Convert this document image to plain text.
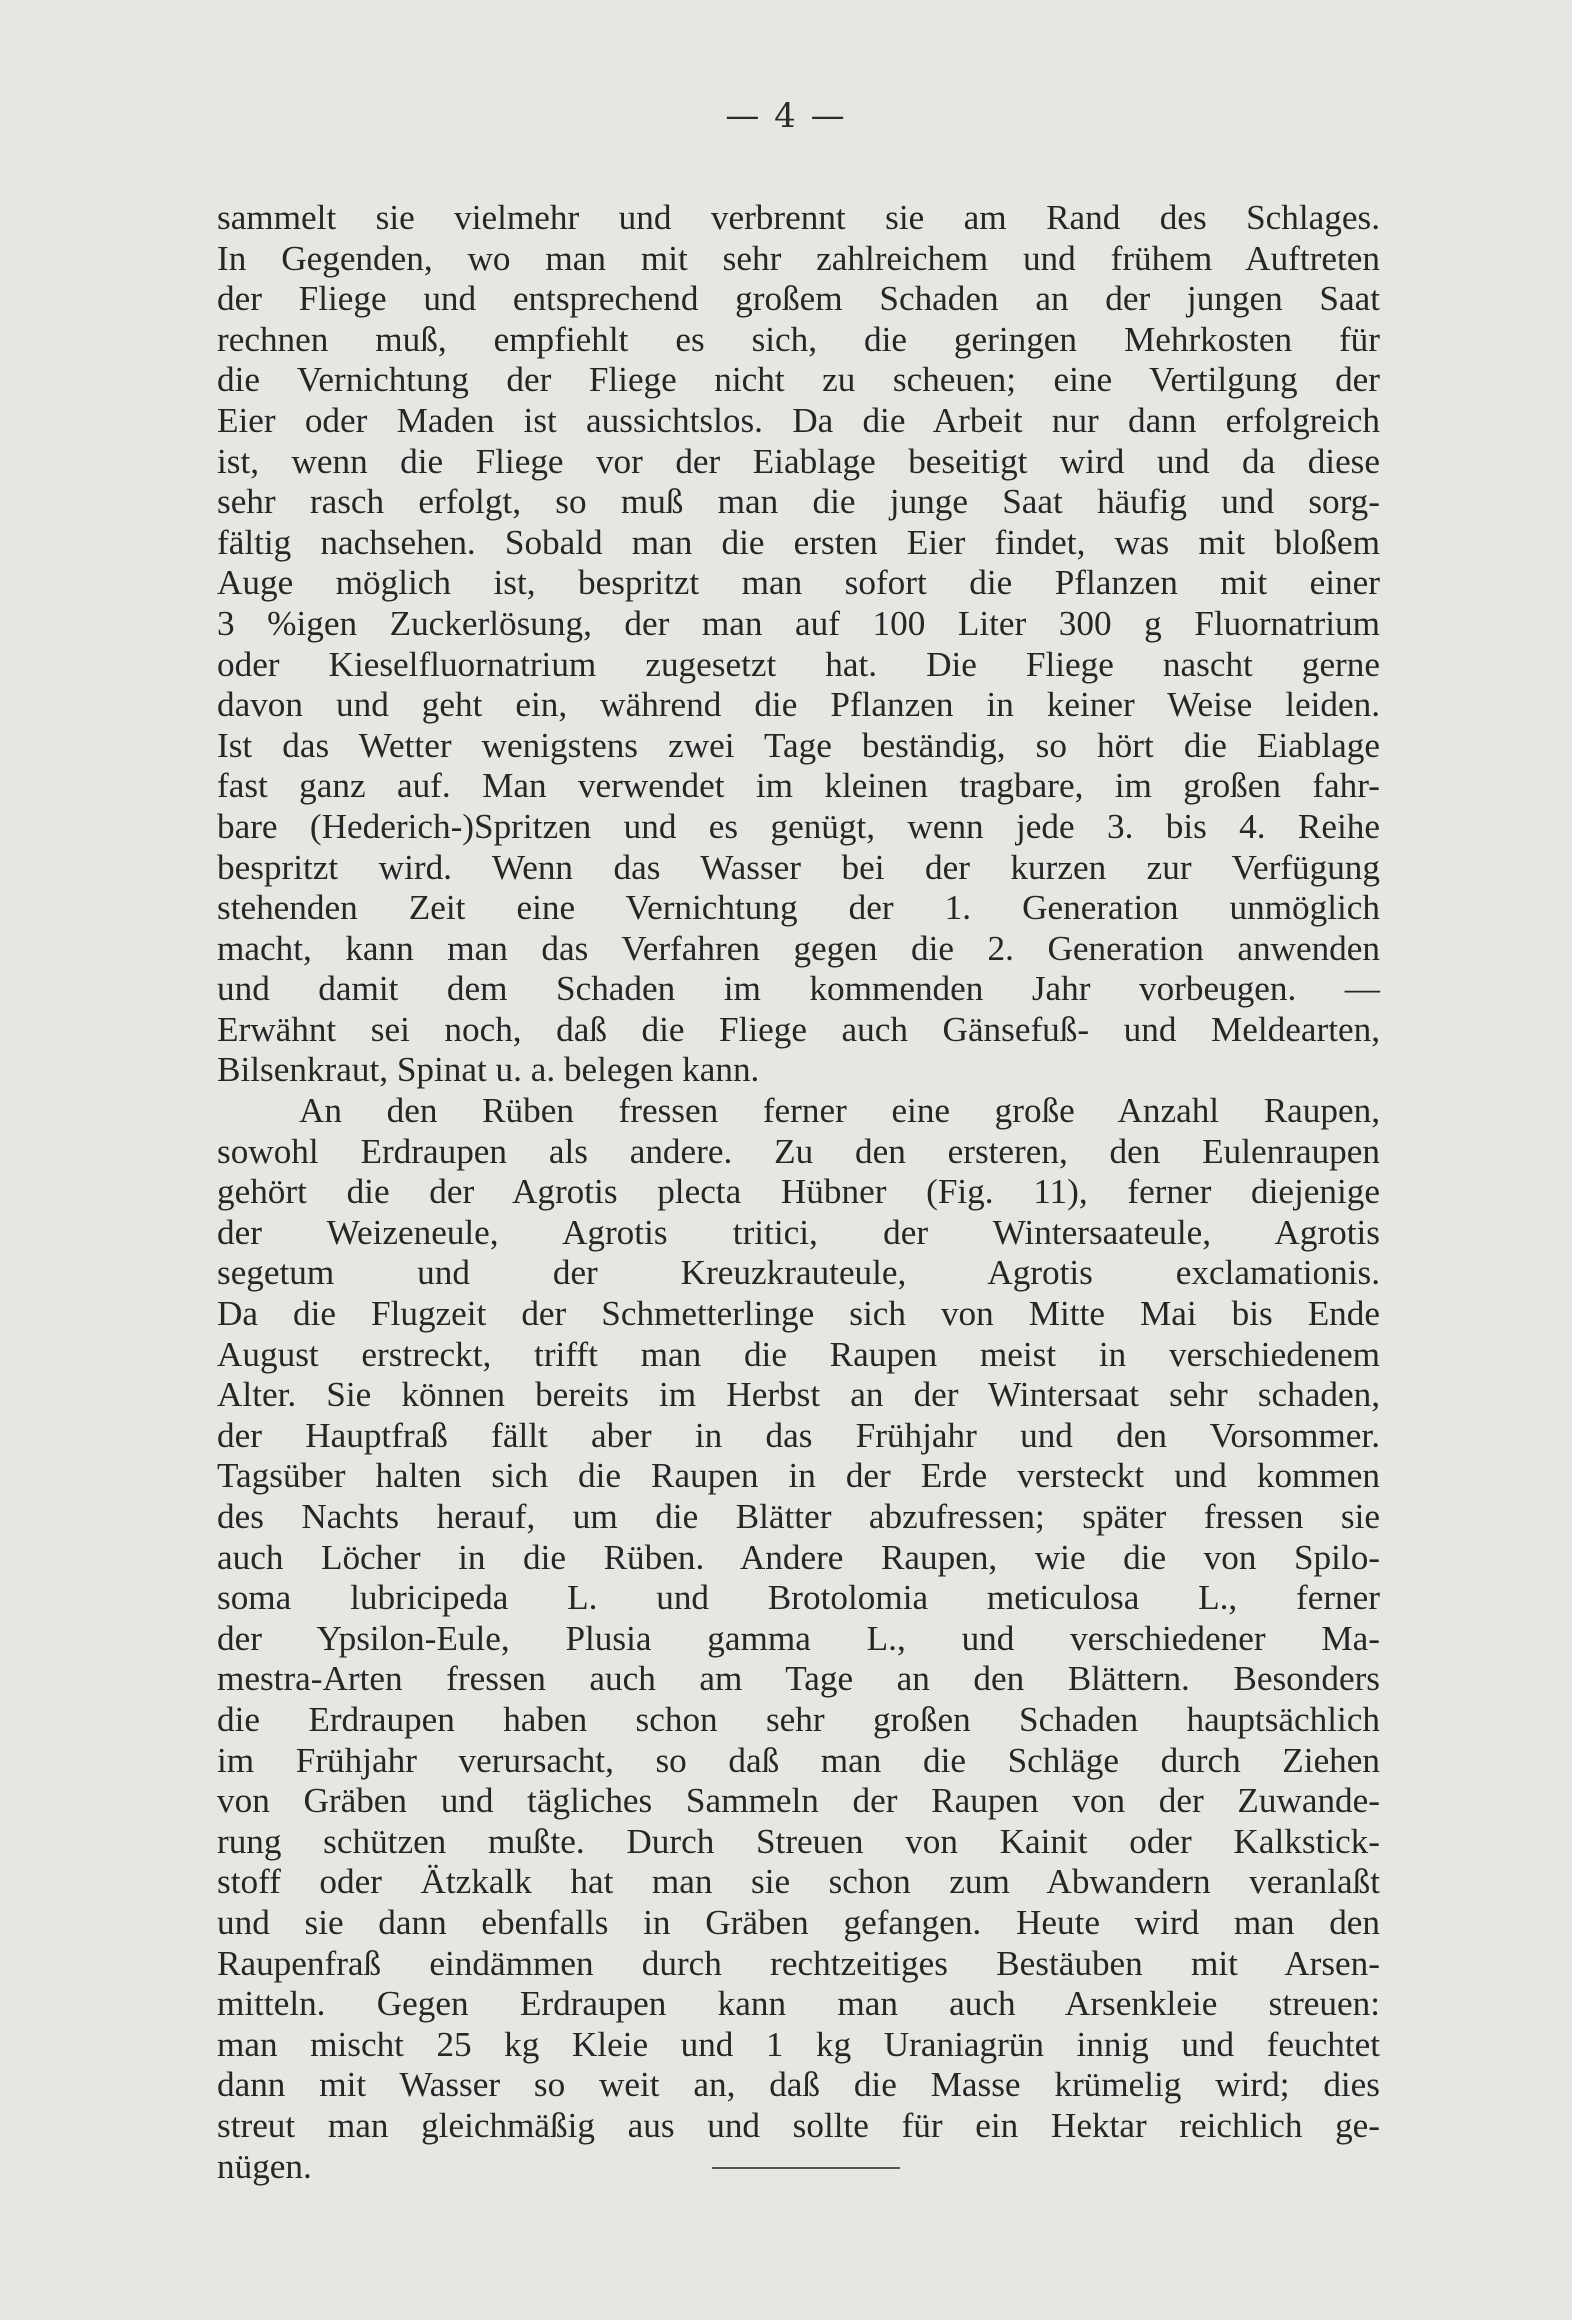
— 4 —
sammelt sie vielmehr und verbrennt sie am Rand des Schlages.
In Gegenden, wo man mit sehr zahlreichem und frühem Auftreten
der Fliege und entsprechend großem Schaden an der jungen Saat
rechnen muß, empfiehlt es sich, die geringen Mehrkosten für
die Vernichtung der Fliege nicht zu scheuen; eine Vertilgung der
Eier oder Maden ist aussichtslos. Da die Arbeit nur dann erfolgreich
ist, wenn die Fliege vor der Eiablage beseitigt wird und da diese
sehr rasch erfolgt, so muß man die junge Saat häufig und sorg-
fältig nachsehen. Sobald man die ersten Eier findet, was mit bloßem
Auge möglich ist, bespritzt man sofort die Pflanzen mit einer
3 %igen Zuckerlösung, der man auf 100 Liter 300 g Fluornatrium
oder Kieselfluornatrium zugesetzt hat. Die Fliege nascht gerne
davon und geht ein, während die Pflanzen in keiner Weise leiden.
Ist das Wetter wenigstens zwei Tage beständig, so hört die Eiablage
fast ganz auf. Man verwendet im kleinen tragbare, im großen fahr-
bare (Hederich-)Spritzen und es genügt, wenn jede 3. bis 4. Reihe
bespritzt wird. Wenn das Wasser bei der kurzen zur Verfügung
stehenden Zeit eine Vernichtung der 1. Generation unmöglich
macht, kann man das Verfahren gegen die 2. Generation anwenden
und damit dem Schaden im kommenden Jahr vorbeugen. —
Erwähnt sei noch, daß die Fliege auch Gänsefuß- und Meldearten,
Bilsenkraut, Spinat u. a. belegen kann.
An den Rüben fressen ferner eine große Anzahl Raupen,
sowohl Erdraupen als andere. Zu den ersteren, den Eulenraupen
gehört die der Agrotis plecta Hübner (Fig. 11), ferner diejenige
der Weizeneule, Agrotis tritici, der Wintersaateule, Agrotis
segetum und der Kreuzkrauteule, Agrotis exclamationis.
Da die Flugzeit der Schmetterlinge sich von Mitte Mai bis Ende
August erstreckt, trifft man die Raupen meist in verschiedenem
Alter. Sie können bereits im Herbst an der Wintersaat sehr schaden,
der Hauptfraß fällt aber in das Frühjahr und den Vorsommer.
Tagsüber halten sich die Raupen in der Erde versteckt und kommen
des Nachts herauf, um die Blätter abzufressen; später fressen sie
auch Löcher in die Rüben. Andere Raupen, wie die von Spilo-
soma lubricipeda L. und Brotolomia meticulosa L., ferner
der Ypsilon-Eule, Plusia gamma L., und verschiedener Ma-
mestra-Arten fressen auch am Tage an den Blättern. Besonders
die Erdraupen haben schon sehr großen Schaden hauptsächlich
im Frühjahr verursacht, so daß man die Schläge durch Ziehen
von Gräben und tägliches Sammeln der Raupen von der Zuwande-
rung schützen mußte. Durch Streuen von Kainit oder Kalkstick-
stoff oder Ätzkalk hat man sie schon zum Abwandern veranlaßt
und sie dann ebenfalls in Gräben gefangen. Heute wird man den
Raupenfraß eindämmen durch rechtzeitiges Bestäuben mit Arsen-
mitteln. Gegen Erdraupen kann man auch Arsenkleie streuen:
man mischt 25 kg Kleie und 1 kg Uraniagrün innig und feuchtet
dann mit Wasser so weit an, daß die Masse krümelig wird; dies
streut man gleichmäßig aus und sollte für ein Hektar reichlich ge-
nügen.
